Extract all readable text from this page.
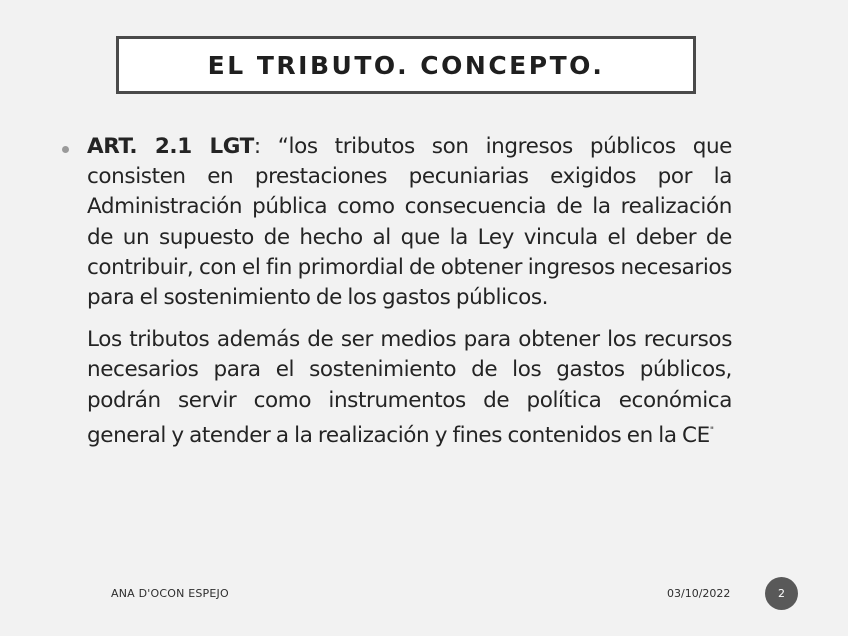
EL TRIBUTO. CONCEPTO.

ART. 2.1 LGT: “los tributos son ingresos públicos que consisten en prestaciones pecuniarias exigidos por la Administración pública como consecuencia de la realización de un supuesto de hecho al que la Ley vincula el deber de contribuir, con el fin primordial de obtener ingresos necesarios para el sostenimiento de los gastos públicos.

Los tributos además de ser medios para obtener los recursos necesarios para el sostenimiento de los gastos públicos, podrán servir como instrumentos de política económica general y atender a la realización y fines contenidos en la CE"

ANA D'OCON ESPEJO	03/10/2022	2
